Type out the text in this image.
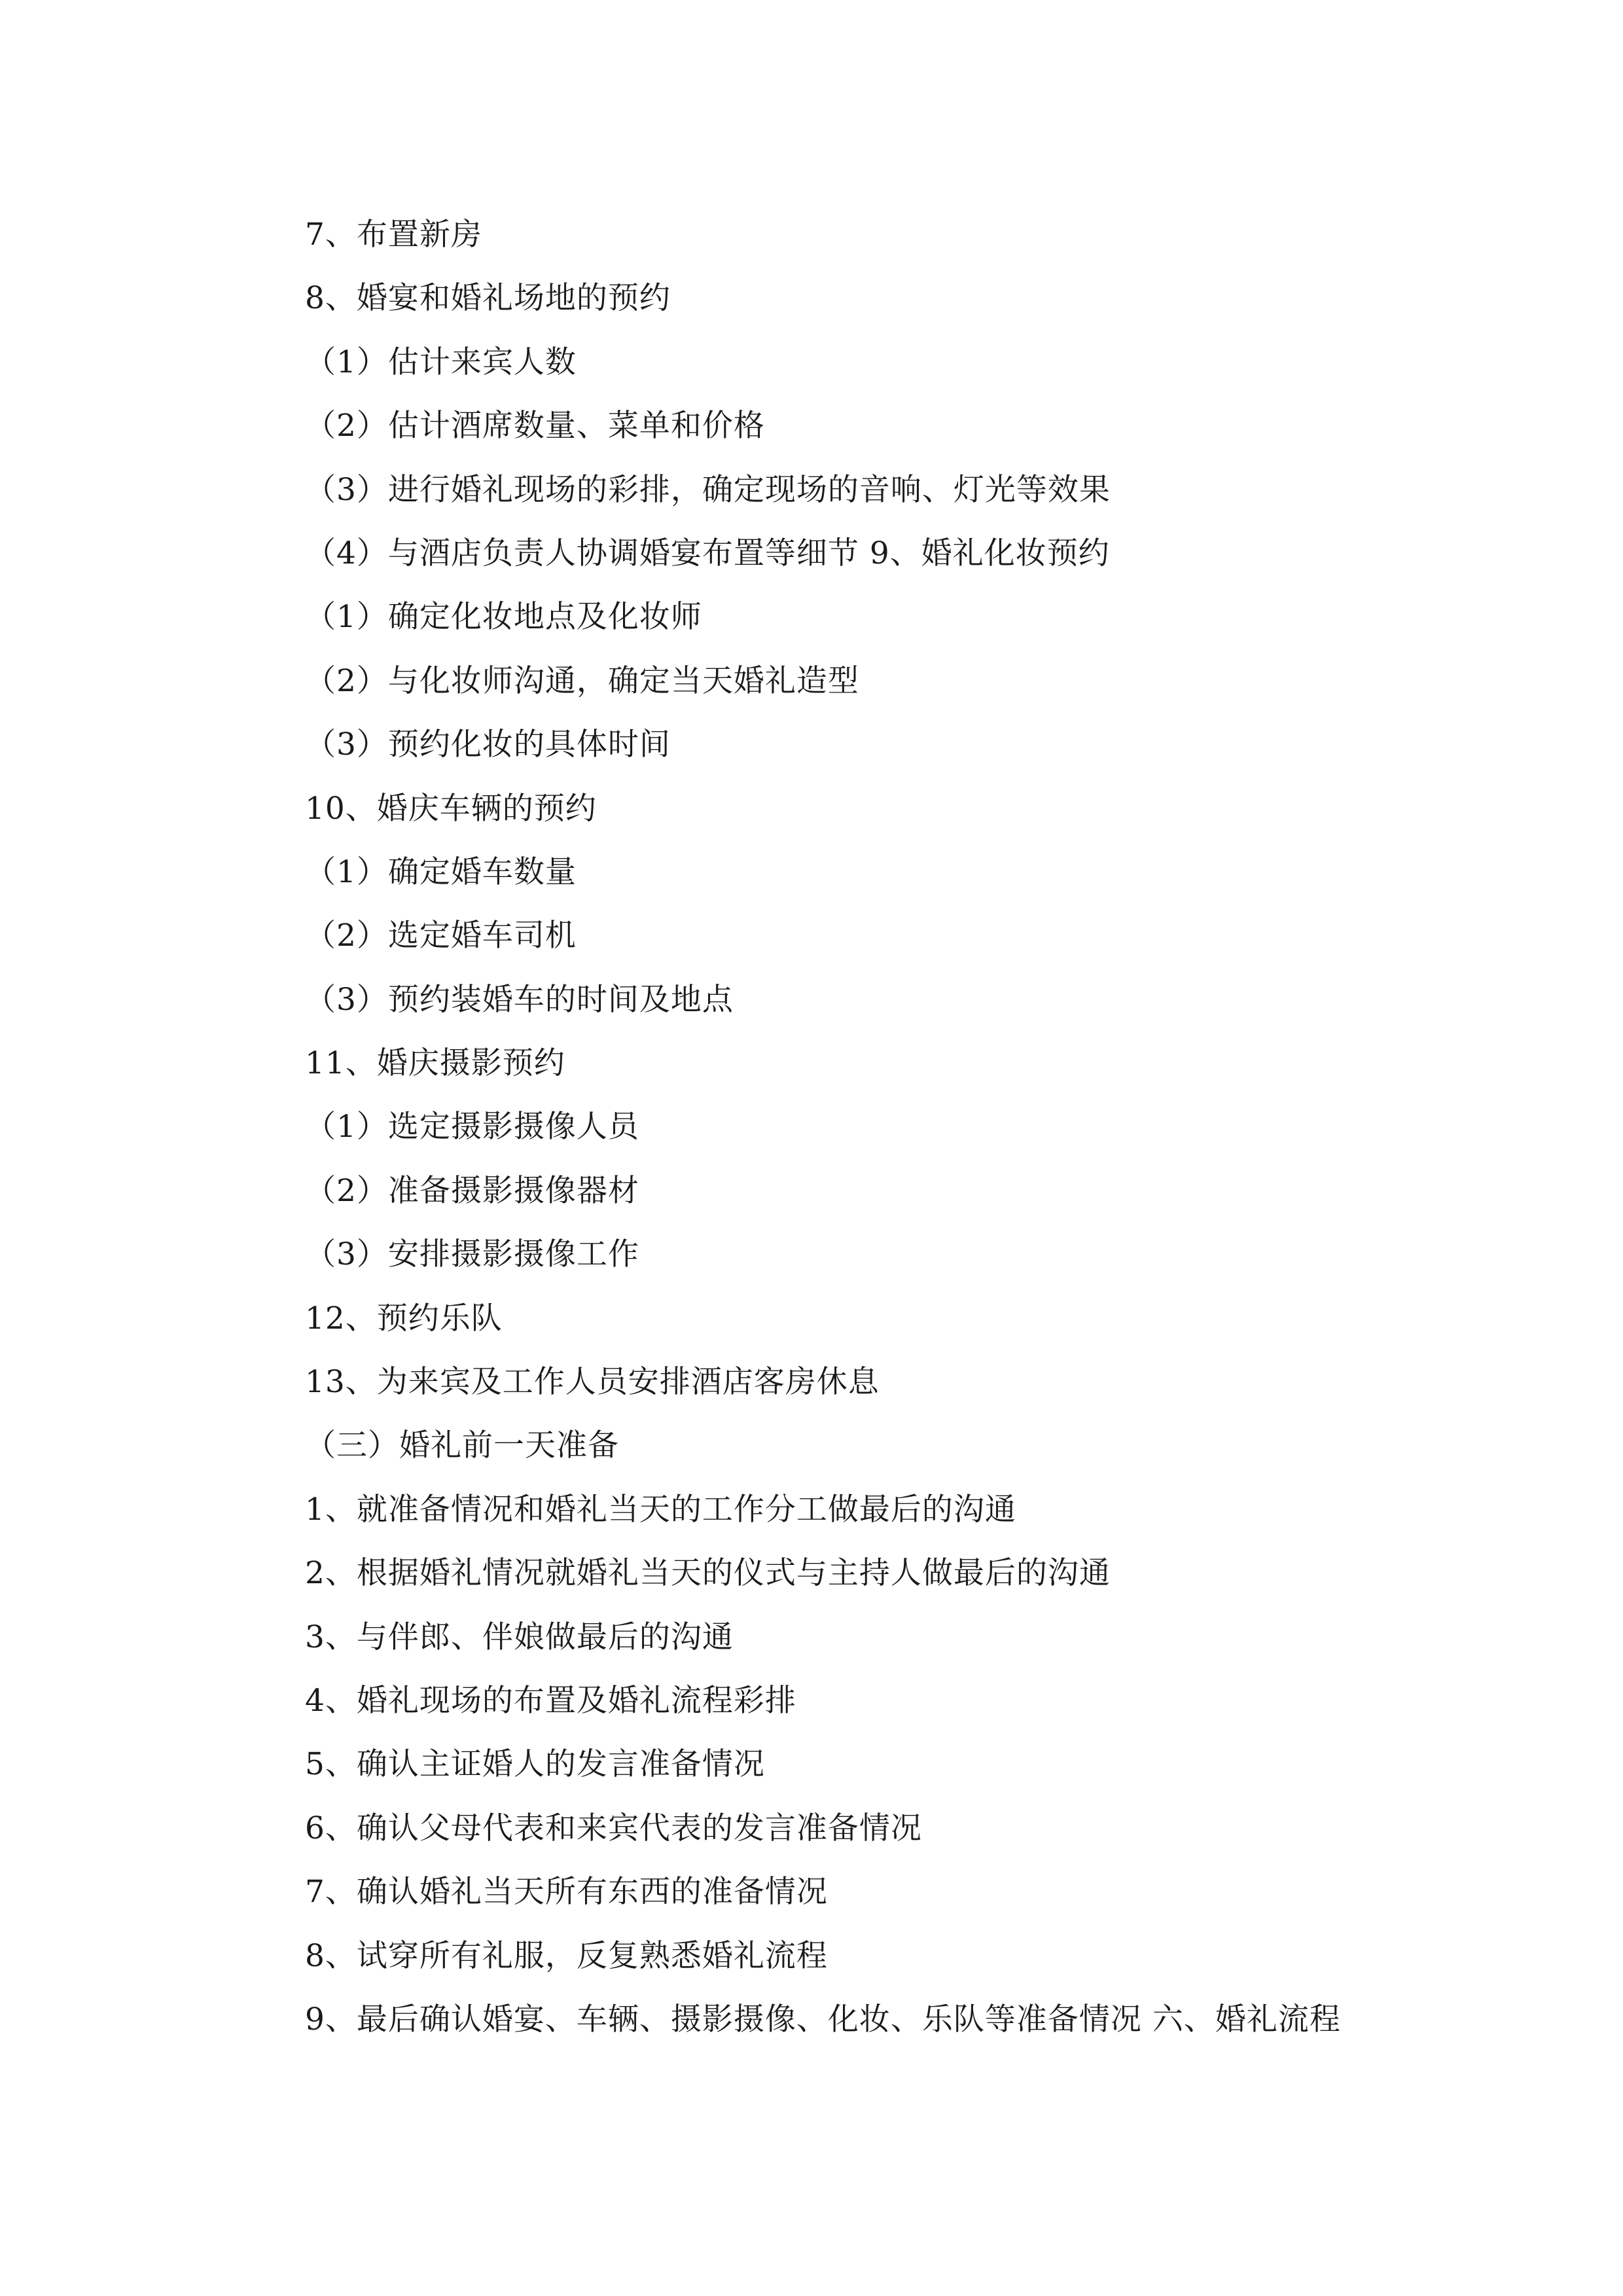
7、布置新房
8、婚宴和婚礼场地的预约
（1）估计来宾人数
（2）估计酒席数量、菜单和价格
（3）进行婚礼现场的彩排，确定现场的音响、灯光等效果
（4）与酒店负责人协调婚宴布置等细节 9、婚礼化妆预约
（1）确定化妆地点及化妆师
（2）与化妆师沟通，确定当天婚礼造型
（3）预约化妆的具体时间
10、婚庆车辆的预约
（1）确定婚车数量
（2）选定婚车司机
（3）预约装婚车的时间及地点
11、婚庆摄影预约
（1）选定摄影摄像人员
（2）准备摄影摄像器材
（3）安排摄影摄像工作
12、预约乐队
13、为来宾及工作人员安排酒店客房休息
（三）婚礼前一天准备
1、就准备情况和婚礼当天的工作分工做最后的沟通
2、根据婚礼情况就婚礼当天的仪式与主持人做最后的沟通
3、与伴郎、伴娘做最后的沟通
4、婚礼现场的布置及婚礼流程彩排
5、确认主证婚人的发言准备情况
6、确认父母代表和来宾代表的发言准备情况
7、确认婚礼当天所有东西的准备情况
8、试穿所有礼服，反复熟悉婚礼流程
9、最后确认婚宴、车辆、摄影摄像、化妆、乐队等准备情况 六、婚礼流程
